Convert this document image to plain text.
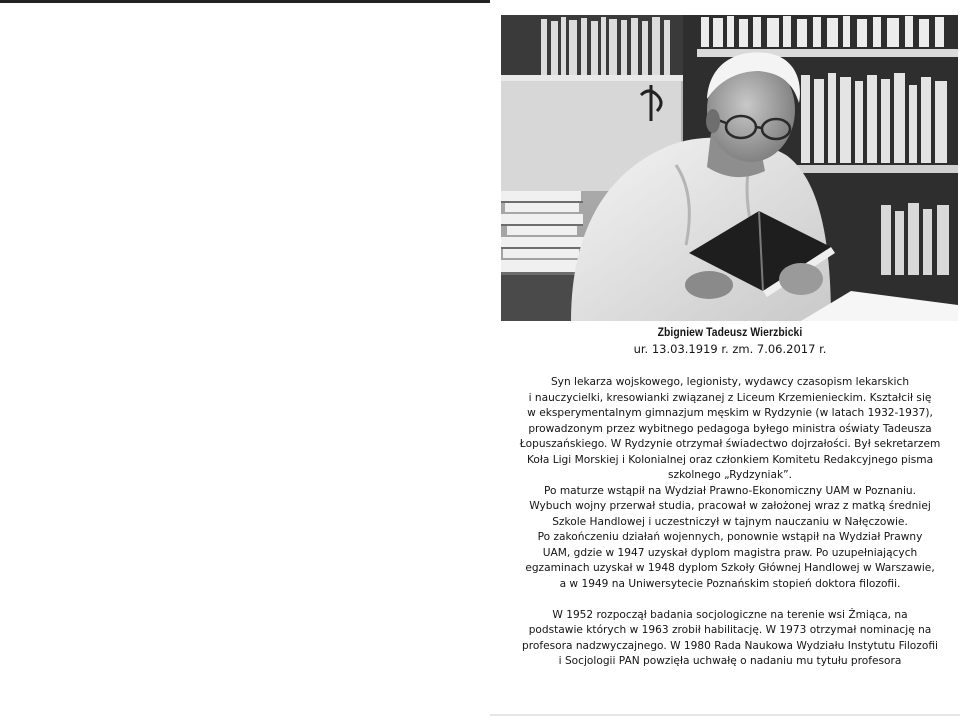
Zbigniew Tadeusz Wierzbicki
ur. 13.03.1919 r. zm. 7.06.2017 r.
Syn lekarza wojskowego, legionisty, wydawcy czasopism lekarskich
i nauczycielki, kresowianki związanej z Liceum Krzemienieckim. Kształcił się
w eksperymentalnym gimnazjum męskim w Rydzynie (w latach 1932-1937),
prowadzonym przez wybitnego pedagoga byłego ministra oświaty Tadeusza
Łopuszańskiego. W Rydzynie otrzymał świadectwo dojrzałości. Był sekretarzem
Koła Ligi Morskiej i Kolonialnej oraz członkiem Komitetu Redakcyjnego pisma
szkolnego „Rydzyniak”.
Po maturze wstąpił na Wydział Prawno-Ekonomiczny UAM w Poznaniu.
Wybuch wojny przerwał studia, pracował w założonej wraz z matką średniej
Szkole Handlowej i uczestniczył w tajnym nauczaniu w Nałęczowie.
Po zakończeniu działań wojennych, ponownie wstąpił na Wydział Prawny
UAM, gdzie w 1947 uzyskał dyplom magistra praw. Po uzupełniających
egzaminach uzyskał w 1948 dyplom Szkoły Głównej Handlowej w Warszawie,
a w 1949 na Uniwersytecie Poznańskim stopień doktora filozofii.
W 1952 rozpoczął badania socjologiczne na terenie wsi Żmiąca, na
podstawie których w 1963 zrobił habilitację. W 1973 otrzymał nominację na
profesora nadzwyczajnego. W 1980 Rada Naukowa Wydziału Instytutu Filozofii
i Socjologii PAN powzięła uchwałę o nadaniu mu tytułu profesora
